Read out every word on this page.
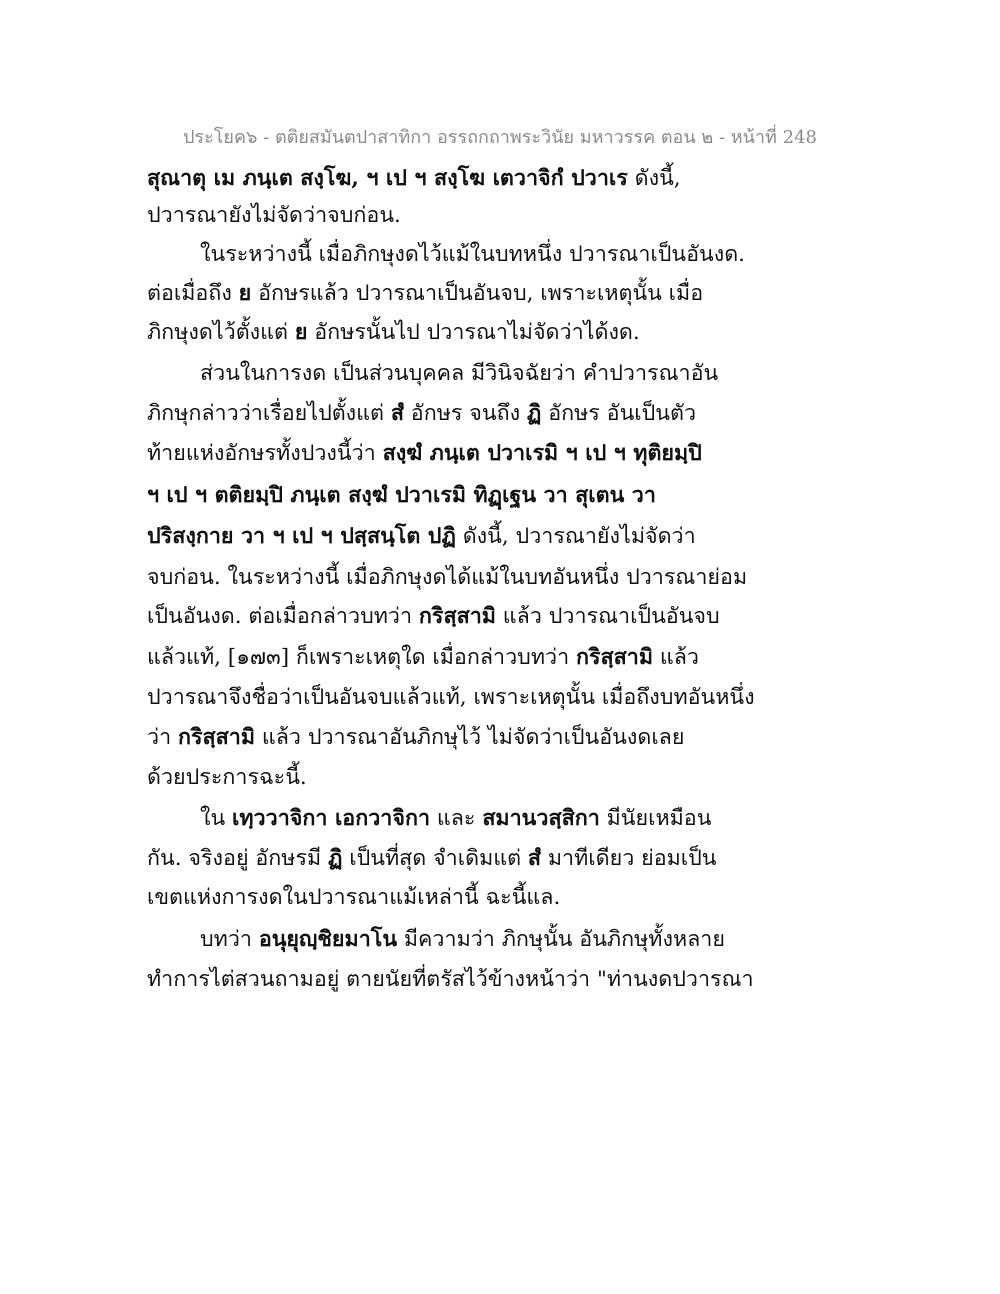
ประโยค๖ - ตติยสมันตปาสาทิกา อรรถกถาพระวินัย มหาวรรค ตอน ๒ - หน้าที่ 248
สุณาตุ เม ภนฺเต สงฺโฆ, ฯ เป ฯ สงฺโฆ เตวาจิกํ ปวาเร ดังนี้,
ปวารณายังไม่จัดว่าจบก่อน.
ในระหว่างนี้ เมื่อภิกษุงดไว้แม้ในบทหนึ่ง ปวารณาเป็นอันงด.
ต่อเมื่อถึง ย อักษรแล้ว ปวารณาเป็นอันจบ, เพราะเหตุนั้น เมื่อ
ภิกษุงดไว้ตั้งแต่ ย อักษรนั้นไป ปวารณาไม่จัดว่าได้งด.
ส่วนในการงด เป็นส่วนบุคคล มีวินิจฉัยว่า คำปวารณาอัน
ภิกษุกล่าวว่าเรื่อยไปตั้งแต่ สํ อักษร จนถึง ฏิ อักษร อันเป็นตัว
ท้ายแห่งอักษรทั้งปวงนี้ว่า สงฺฆํ ภนฺเต ปวาเรมิ ฯ เป ฯ ทุติยมฺปิ
ฯ เป ฯ ตติยมฺปิ ภนฺเต สงฺฆํ ปวาเรมิ ทิฏฺเฐน วา สุเตน วา
ปริสงฺกาย วา ฯ เป ฯ ปสฺสนฺโต ปฏิ ดังนี้, ปวารณายังไม่จัดว่า
จบก่อน. ในระหว่างนี้ เมื่อภิกษุงดได้แม้ในบทอันหนึ่ง ปวารณาย่อม
เป็นอันงด. ต่อเมื่อกล่าวบทว่า กริสฺสามิ แล้ว ปวารณาเป็นอันจบ
แล้วแท้, [๑๗๓] ก็เพราะเหตุใด เมื่อกล่าวบทว่า กริสฺสามิ แล้ว
ปวารณาจึงชื่อว่าเป็นอันจบแล้วแท้, เพราะเหตุนั้น เมื่อถึงบทอันหนึ่ง
ว่า กริสฺสามิ แล้ว ปวารณาอันภิกษุไว้ ไม่จัดว่าเป็นอันงดเลย
ด้วยประการฉะนี้.
ใน เทฺววาจิกา เอกวาจิกา และ สมานวสฺสิกา มีนัยเหมือน
กัน. จริงอยู่ อักษรมี ฏิ เป็นที่สุด จำเดิมแต่ สํ มาทีเดียว ย่อมเป็น
เขตแห่งการงดในปวารณาแม้เหล่านี้ ฉะนี้แล.
บทว่า อนุยุญฺชิยมาโน มีความว่า ภิกษุนั้น อันภิกษุทั้งหลาย
ทำการไต่สวนถามอยู่ ตายนัยที่ตรัสไว้ข้างหน้าว่า "ท่านงดปวารณา
